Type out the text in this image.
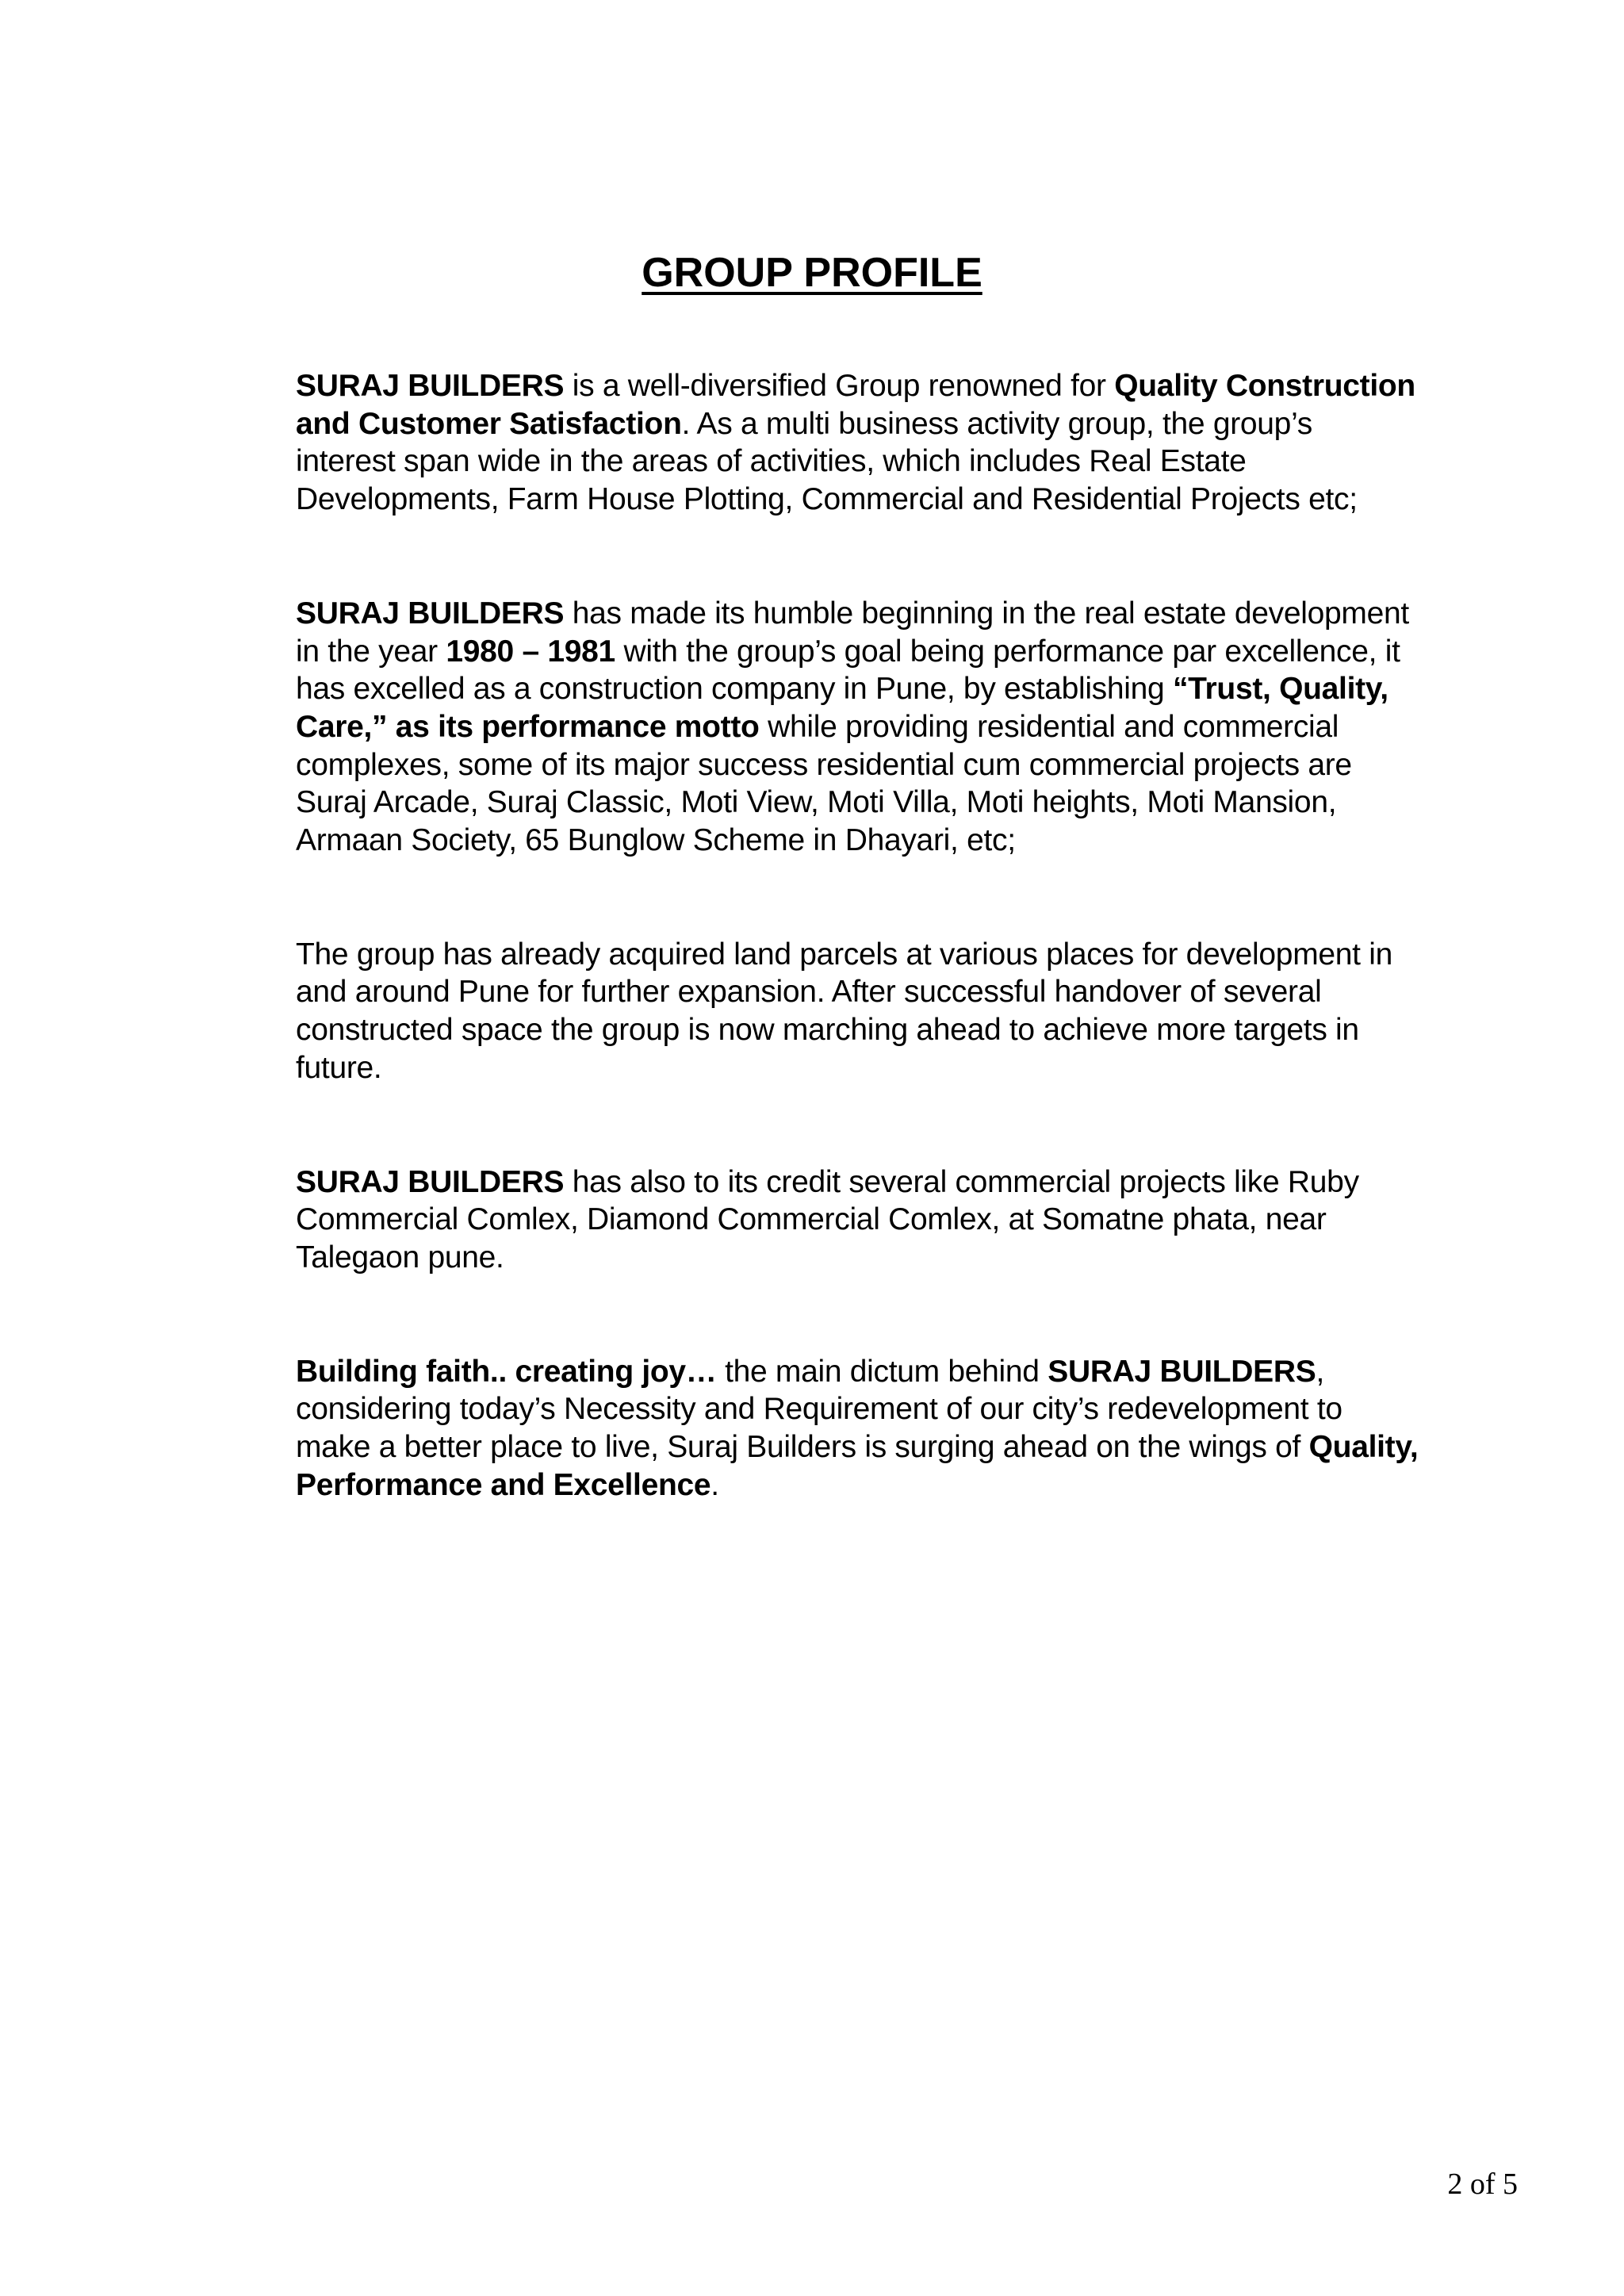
GROUP PROFILE

SURAJ BUILDERS is a well-diversified Group renowned for Quality Construction
and Customer Satisfaction. As a multi business activity group, the group’s
interest span wide in the areas of activities, which includes Real Estate
Developments, Farm House Plotting, Commercial and Residential Projects etc;

SURAJ BUILDERS has made its humble beginning in the real estate development
in the year 1980 – 1981 with the group’s goal being performance par excellence, it
has excelled as a construction company in Pune, by establishing “Trust, Quality,
Care,” as its performance motto while providing residential and commercial
complexes, some of its major success residential cum commercial projects are
Suraj Arcade, Suraj Classic, Moti View, Moti Villa, Moti heights, Moti Mansion,
Armaan Society, 65 Bunglow Scheme in Dhayari, etc;

The group has already acquired land parcels at various places for development in
and around Pune for further expansion. After successful handover of several
constructed space the group is now marching ahead to achieve more targets in
future.

SURAJ BUILDERS has also to its credit several commercial projects like Ruby
Commercial Comlex, Diamond Commercial Comlex, at Somatne phata, near
Talegaon pune.

Building faith.. creating joy… the main dictum behind SURAJ BUILDERS,
considering today’s Necessity and Requirement of our city’s redevelopment to
make a better place to live, Suraj Builders is surging ahead on the wings of Quality,
Performance and Excellence.

2 of 5
